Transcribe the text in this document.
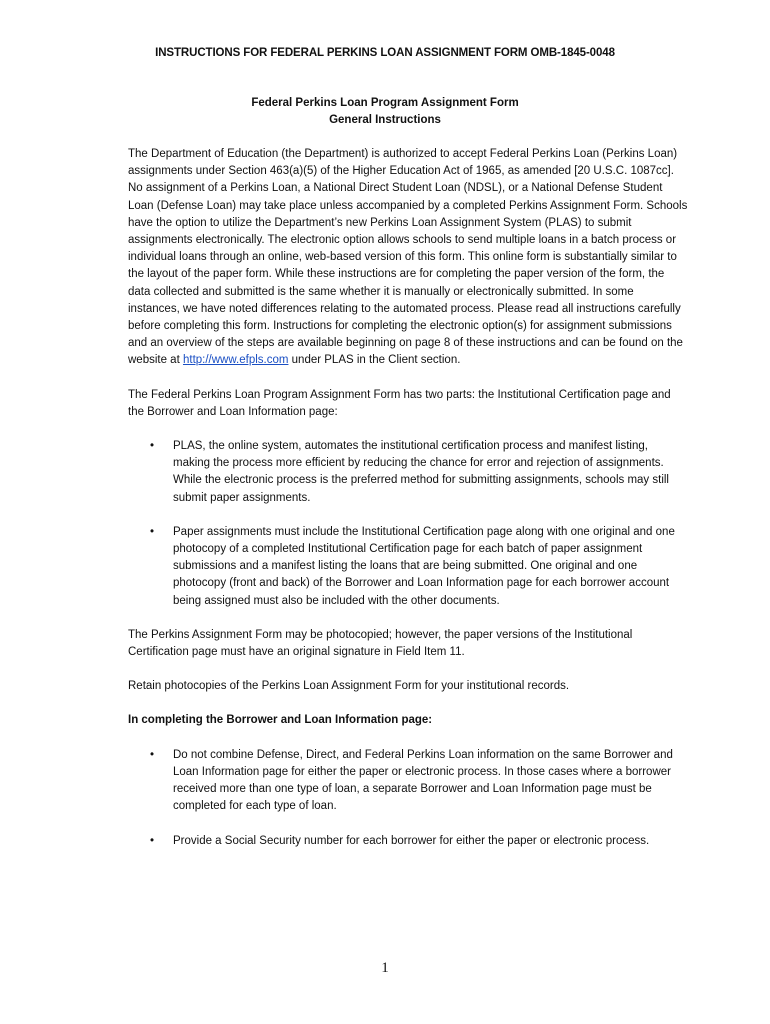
INSTRUCTIONS FOR FEDERAL PERKINS LOAN ASSIGNMENT FORM OMB-1845-0048
Federal Perkins Loan Program Assignment Form
General Instructions

The Department of Education (the Department) is authorized to accept Federal Perkins Loan (Perkins Loan) assignments under Section 463(a)(5) of the Higher Education Act of 1965, as amended [20 U.S.C. 1087cc]. No assignment of a Perkins Loan, a National Direct Student Loan (NDSL), or a National Defense Student Loan (Defense Loan) may take place unless accompanied by a completed Perkins Assignment Form. Schools have the option to utilize the Department’s new Perkins Loan Assignment System (PLAS) to submit assignments electronically. The electronic option allows schools to send multiple loans in a batch process or individual loans through an online, web-based version of this form. This online form is substantially similar to the layout of the paper form. While these instructions are for completing the paper version of the form, the data collected and submitted is the same whether it is manually or electronically submitted. In some instances, we have noted differences relating to the automated process. Please read all instructions carefully before completing this form. Instructions for completing the electronic option(s) for assignment submissions and an overview of the steps are available beginning on page 8 of these instructions and can be found on the website at http://www.efpls.com under PLAS in the Client section.

The Federal Perkins Loan Program Assignment Form has two parts: the Institutional Certification page and the Borrower and Loan Information page:

• PLAS, the online system, automates the institutional certification process and manifest listing, making the process more efficient by reducing the chance for error and rejection of assignments. While the electronic process is the preferred method for submitting assignments, schools may still submit paper assignments.
• Paper assignments must include the Institutional Certification page along with one original and one photocopy of a completed Institutional Certification page for each batch of paper assignment submissions and a manifest listing the loans that are being submitted. One original and one photocopy (front and back) of the Borrower and Loan Information page for each borrower account being assigned must also be included with the other documents.

The Perkins Assignment Form may be photocopied; however, the paper versions of the Institutional Certification page must have an original signature in Field Item 11.

Retain photocopies of the Perkins Loan Assignment Form for your institutional records.

In completing the Borrower and Loan Information page:
• Do not combine Defense, Direct, and Federal Perkins Loan information on the same Borrower and Loan Information page for either the paper or electronic process. In those cases where a borrower received more than one type of loan, a separate Borrower and Loan Information page must be completed for each type of loan.
• Provide a Social Security number for each borrower for either the paper or electronic process.
1
